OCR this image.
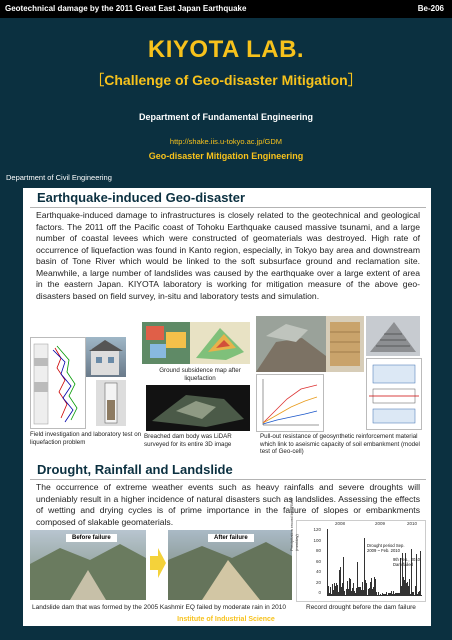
Geotechnical damage by the 2011 Great East Japan Earthquake	Be-206
KIYOTA LAB.
［Challenge of Geo-disaster Mitigation］
Department of Fundamental Engineering
http://shake.iis.u-tokyo.ac.jp/GDM
Geo-disaster Mitigation Engineering
Department of Civil Engineering
Earthquake-induced Geo-disaster
Earthquake-induced damage to infrastructures is closely related to the geotechnical and geological factors. The 2011 off the Pacific coast of Tohoku Earthquake caused massive tsunami, and a large number of coastal levees which were constructed of geomaterials was destroyed. High rate of occurrence of liquefaction was found in Kanto region, especially, in Tokyo bay area and downstream basin of Tone River which would be linked to the soft subsurface ground and reclamation site. Meanwhile, a large number of landslides was caused by the earthquake over a large extent of area in the eastern Japan. KIYOTA laboratory is working for mitigation measure of the above geo-disasters based on field survey, in-situ and laboratory tests and simulation.
Field investigation and laboratory test on liquefaction problem
Ground subsidence map after liquefaction
Breached dam body was LiDAR surveyed for its entire 3D image
Pull-out resistance of geosynthetic reinforcement material which link to aseismic capacity of soil embankment (model test of Geo-cell)
Drought, Rainfall and Landslide
The occurrence of extreme weather events such as heavy rainfalls and severe droughts will undeniably result in a higher incidence of natural disasters such as landslides. Assessing the effects of wetting and drying cycles is of prime importance in the failure of slopes or embankments composed of slakable geomaterials.
Before failure	After failure
Landslide dam that was formed by the 2005 Kashmir EQ failed by moderate rain in 2010
Precipitation record by TRMM (mm/day)
120
100
80
60
40
20
0
2008	2009	2010
Drought period Sep. 2009 ~ Feb. 2010
9th Feb., 2010 Dam failed
Record drought before the dam failure
Institute of Industrial Science
